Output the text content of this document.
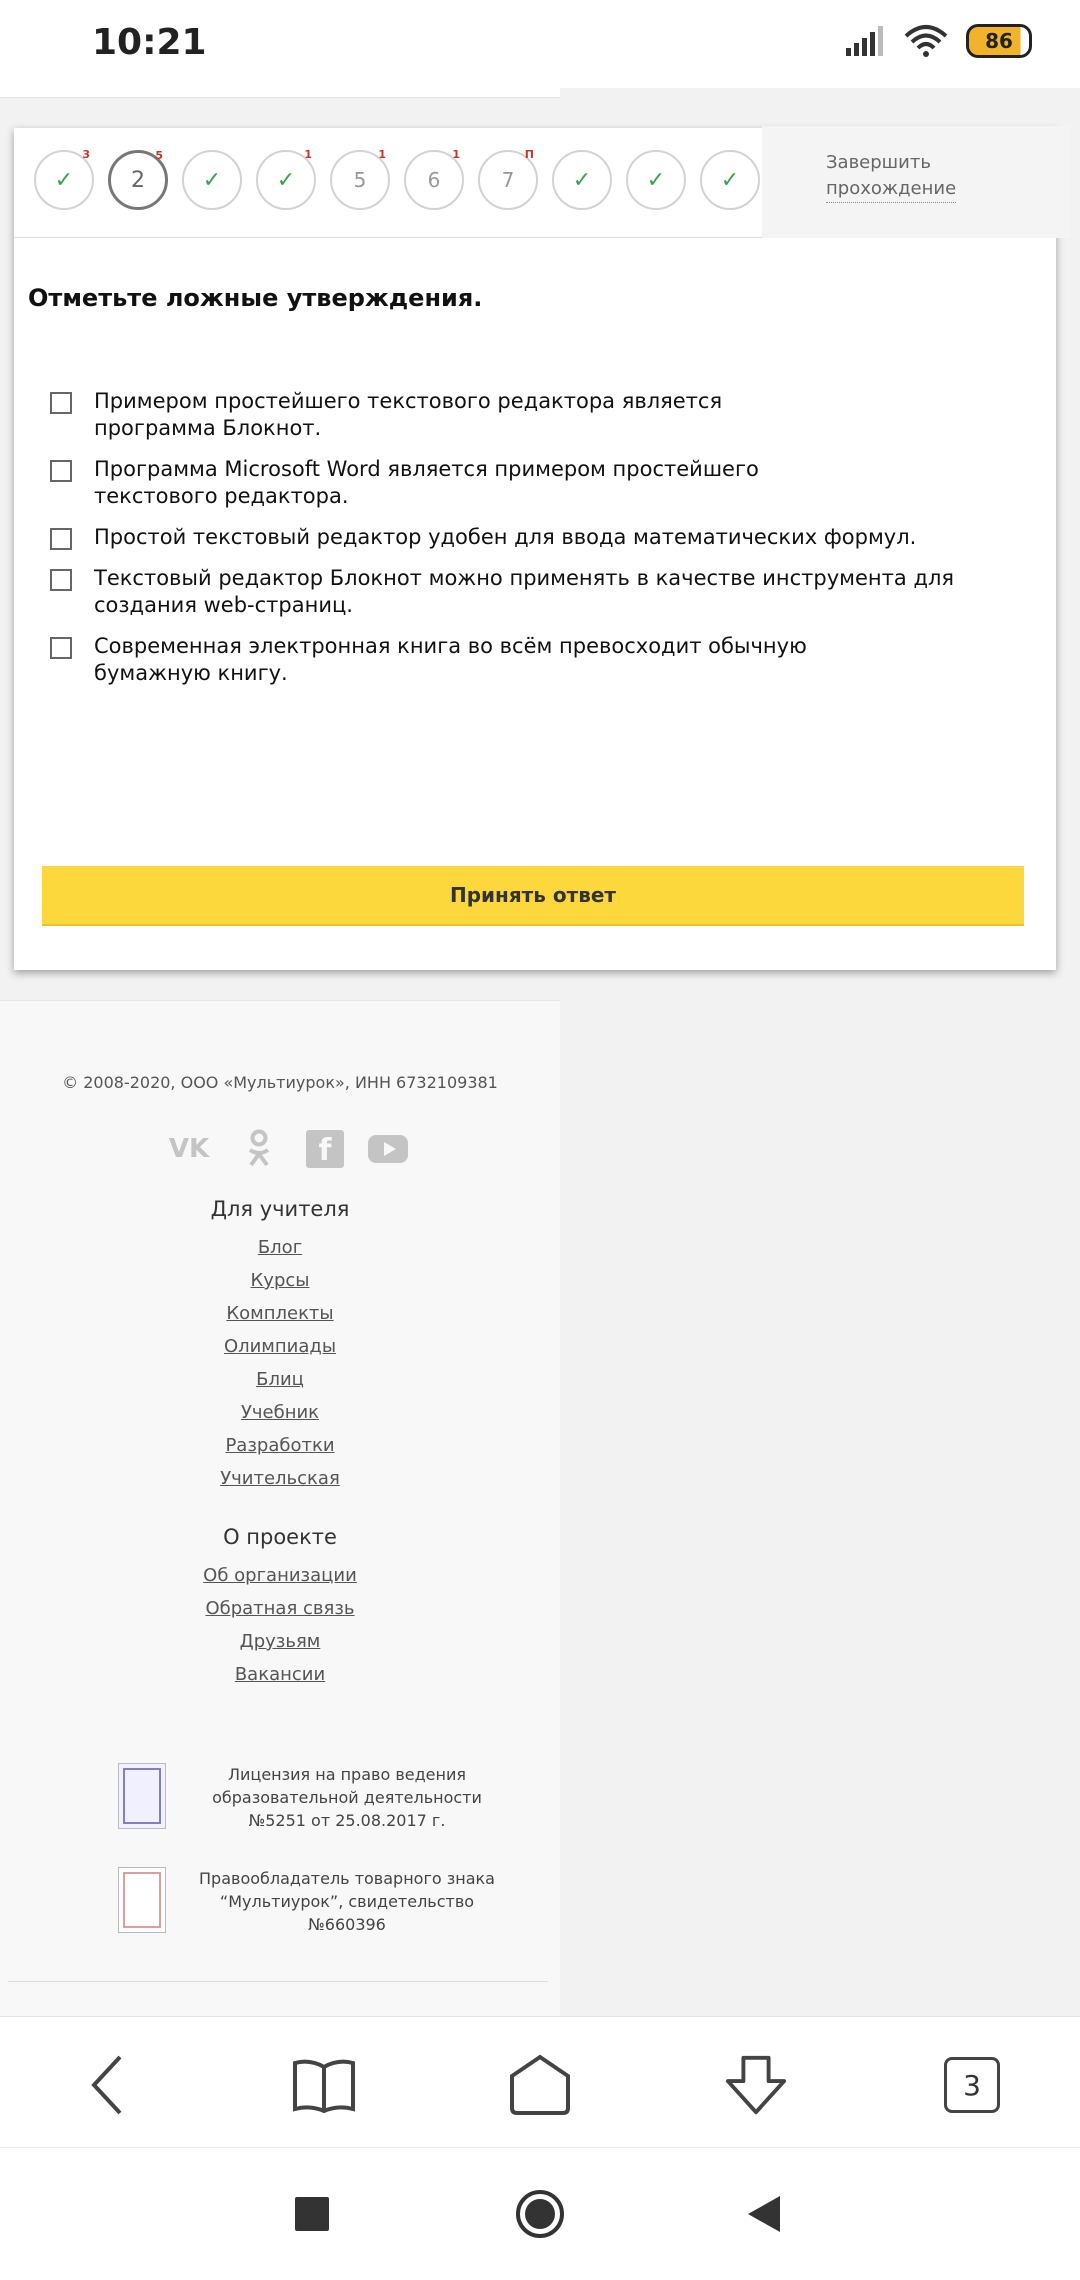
10:21	86
✓
3
2
5
✓	✓
1
5
1
6
1
7
П
✓	✓	✓
Завершить
прохождение
Отметьте ложные утверждения.
Примером простейшего текстового редактора является программа Блокнот.
Программа Microsoft Word является примером простейшего текстового редактора.
Простой текстовый редактор удобен для ввода математических формул.
Текстовый редактор Блокнот можно применять в качестве инструмента для создания web-страниц.
Современная электронная книга во всём превосходит обычную бумажную книгу.
Принять ответ
© 2008-2020, ООО «Мультиурок», ИНН 6732109381
VK	f
Для учителя
Блог
Курсы
Комплекты
Олимпиады
Блиц
Учебник
Разработки
Учительская
О проекте
Об организации
Обратная связь
Друзьям
Вакансии
Лицензия на право ведения образовательной деятельности №5251 от 25.08.2017 г.
Правообладатель товарного знака “Мультиурок”, свидетельство №660396
3
